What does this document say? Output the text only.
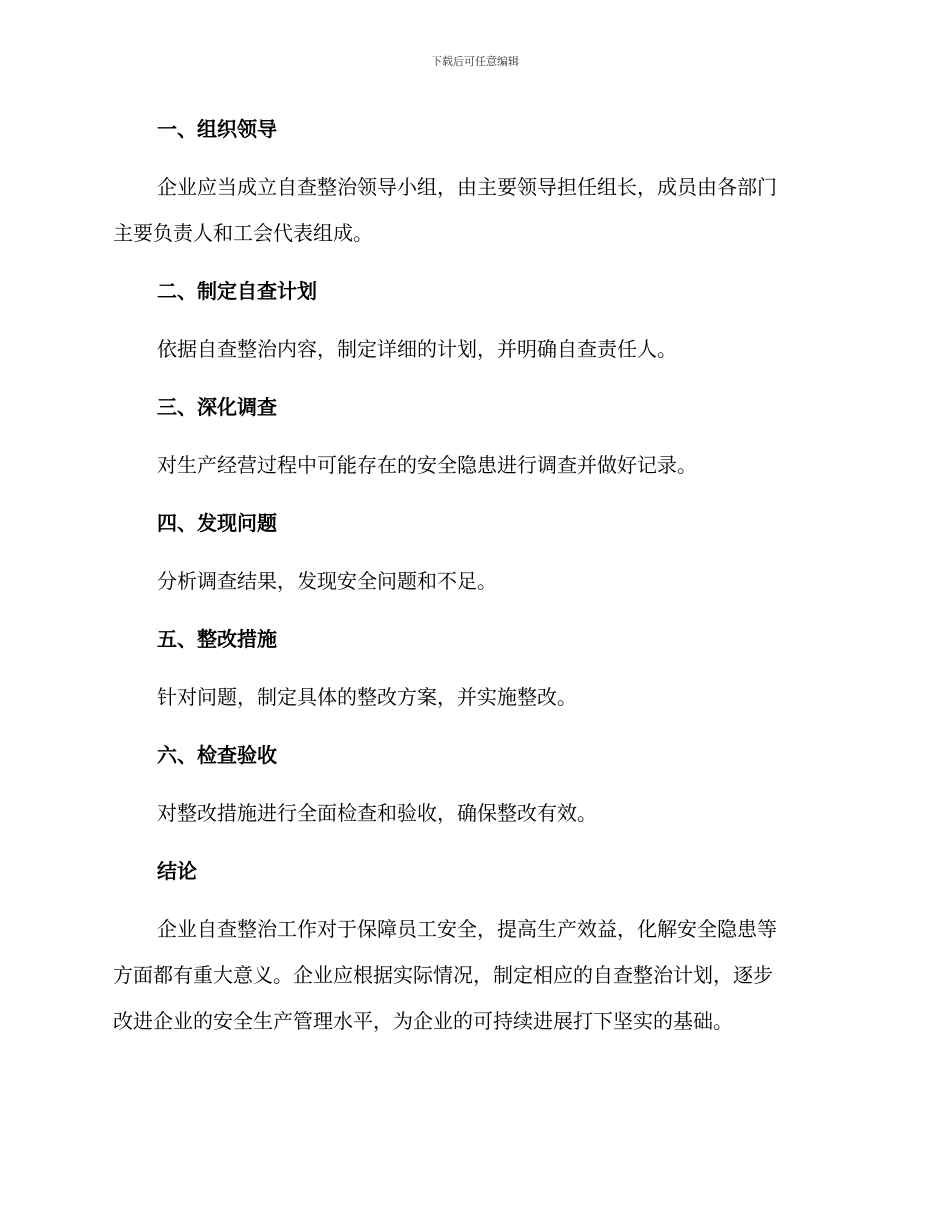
下载后可任意编辑
一、组织领导

企业应当成立自查整治领导小组，由主要领导担任组长，成员由各部门
主要负责人和工会代表组成。

二、制定自查计划

依据自查整治内容，制定详细的计划，并明确自查责任人。

三、深化调查

对生产经营过程中可能存在的安全隐患进行调查并做好记录。

四、发现问题

分析调查结果，发现安全问题和不足。

五、整改措施

针对问题，制定具体的整改方案，并实施整改。

六、检查验收

对整改措施进行全面检查和验收，确保整改有效。

结论

企业自查整治工作对于保障员工安全，提高生产效益，化解安全隐患等
方面都有重大意义。企业应根据实际情况，制定相应的自查整治计划，逐步
改进企业的安全生产管理水平，为企业的可持续进展打下坚实的基础。
